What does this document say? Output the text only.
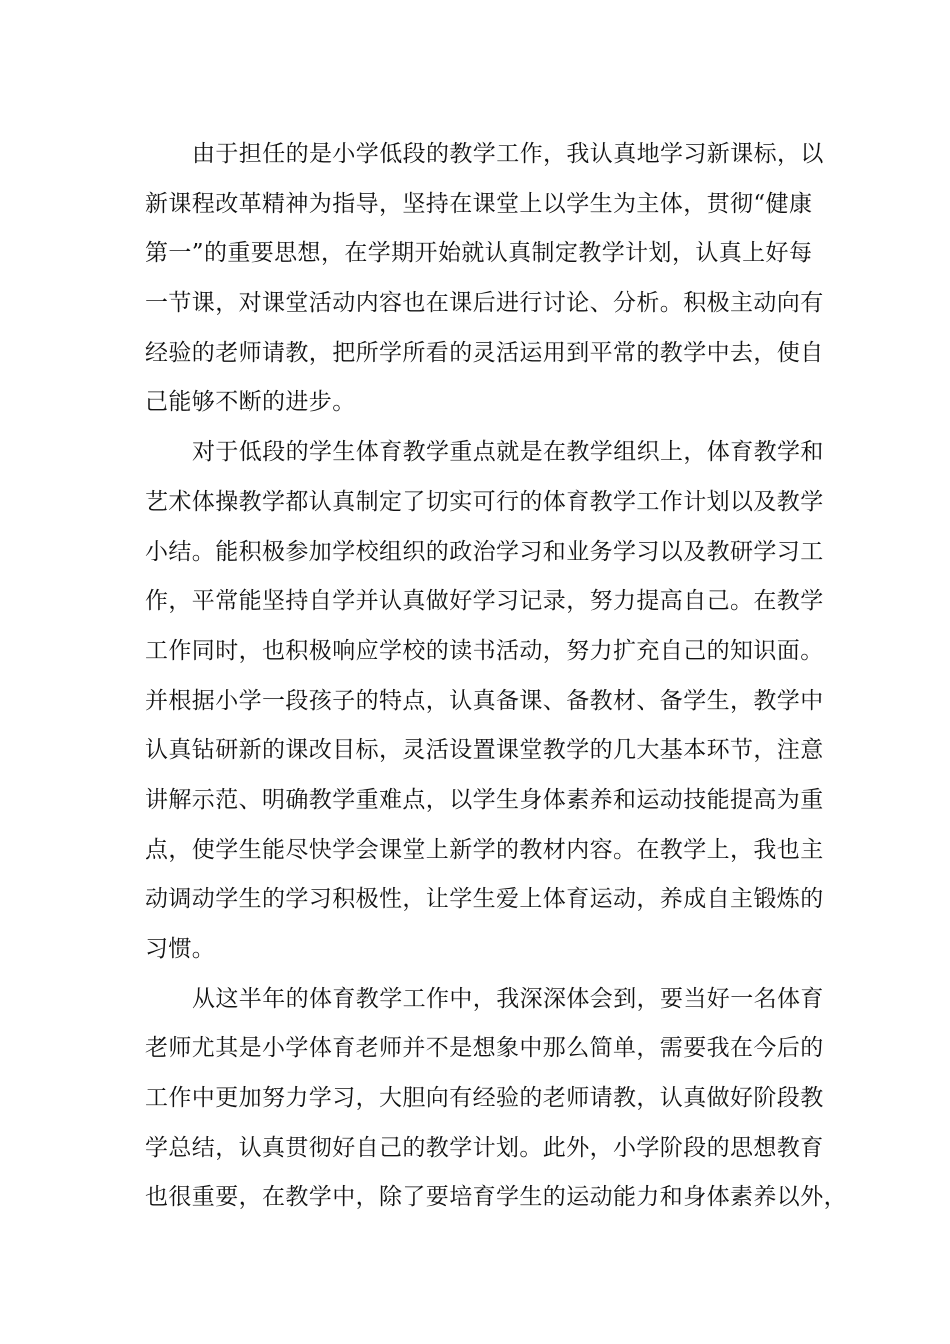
由于担任的是小学低段的教学工作，我认真地学习新课标，以
新课程改革精神为指导，坚持在课堂上以学生为主体，贯彻“健康
第一”的重要思想，在学期开始就认真制定教学计划，认真上好每
一节课，对课堂活动内容也在课后进行讨论、分析。积极主动向有
经验的老师请教，把所学所看的灵活运用到平常的教学中去，使自
己能够不断的进步。
对于低段的学生体育教学重点就是在教学组织上，体育教学和
艺术体操教学都认真制定了切实可行的体育教学工作计划以及教学
小结。能积极参加学校组织的政治学习和业务学习以及教研学习工
作，平常能坚持自学并认真做好学习记录，努力提高自己。在教学
工作同时，也积极响应学校的读书活动，努力扩充自己的知识面。
并根据小学一段孩子的特点，认真备课、备教材、备学生，教学中
认真钻研新的课改目标，灵活设置课堂教学的几大基本环节，注意
讲解示范、明确教学重难点，以学生身体素养和运动技能提高为重
点，使学生能尽快学会课堂上新学的教材内容。在教学上，我也主
动调动学生的学习积极性，让学生爱上体育运动，养成自主锻炼的
习惯。
从这半年的体育教学工作中，我深深体会到，要当好一名体育
老师尤其是小学体育老师并不是想象中那么简单，需要我在今后的
工作中更加努力学习，大胆向有经验的老师请教，认真做好阶段教
学总结，认真贯彻好自己的教学计划。此外，小学阶段的思想教育
也很重要，在教学中，除了要培育学生的运动能力和身体素养以外，
